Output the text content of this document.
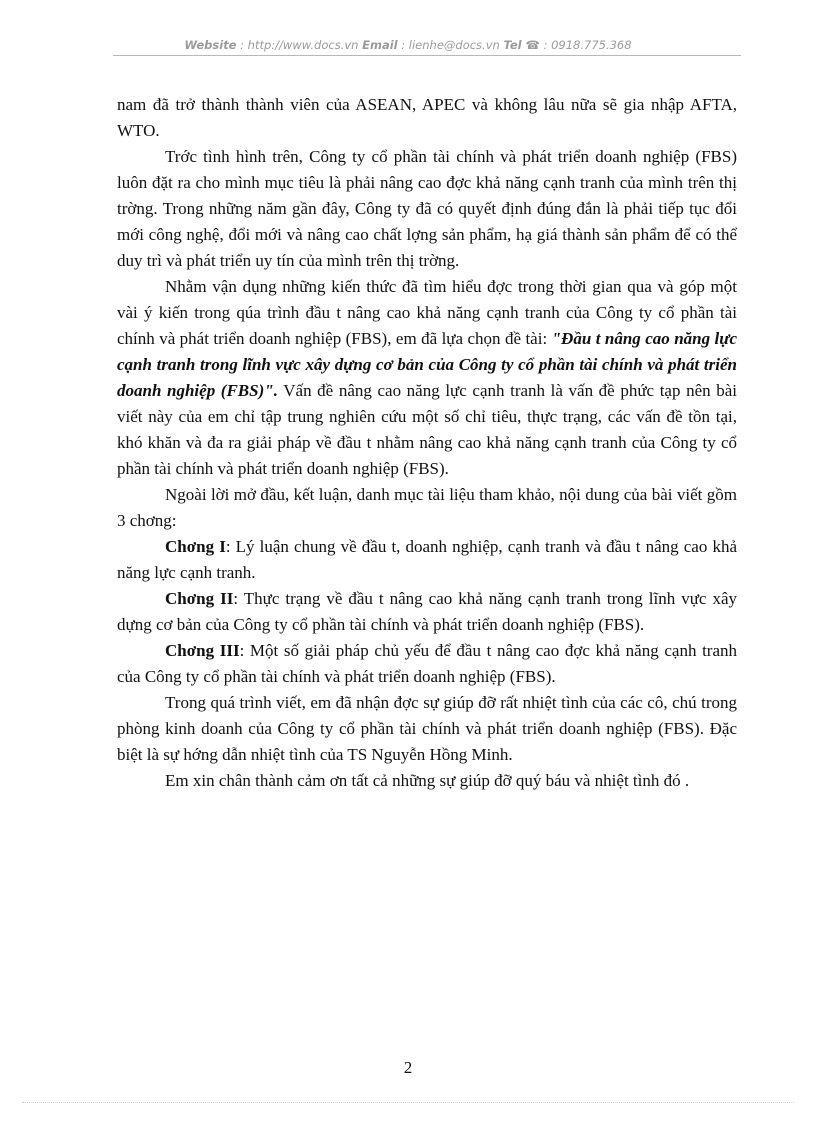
Website : http://www.docs.vn Email : lienhe@docs.vn Tel ☎ : 0918.775.368

nam đã trở thành thành viên của ASEAN, APEC và không lâu nữa sẽ gia nhập AFTA, WTO.

Trớc tình hình trên, Công ty cổ phần tài chính và phát triển doanh nghiệp (FBS) luôn đặt ra cho mình mục tiêu là phải nâng cao đợc khả năng cạnh tranh của mình trên thị trờng. Trong những năm gần đây, Công ty đã có quyết định đúng đắn là phải tiếp tục đổi mới công nghệ, đổi mới và nâng cao chất lợng sản phẩm, hạ giá thành sản phẩm để có thể duy trì và phát triển uy tín của mình trên thị trờng.

Nhằm vận dụng những kiến thức đã tìm hiểu đợc trong thời gian qua và góp một vài ý kiến trong qúa trình đầu t nâng cao khả năng cạnh tranh của Công ty cổ phần tài chính và phát triển doanh nghiệp (FBS), em đã lựa chọn đề tài: "Đầu t nâng cao năng lực cạnh tranh trong lĩnh vực xây dựng cơ bản của Công ty cổ phần tài chính và phát triển doanh nghiệp (FBS)". Vấn đề nâng cao năng lực cạnh tranh là vấn đề phức tạp nên bài viết này của em chỉ tập trung nghiên cứu một số chỉ tiêu, thực trạng, các vấn đề tồn tại, khó khăn và đa ra giải pháp về đầu t nhằm nâng cao khả năng cạnh tranh của Công ty cổ phần tài chính và phát triển doanh nghiệp (FBS).

Ngoài lời mở đầu, kết luận, danh mục tài liệu tham khảo, nội dung của bài viết gồm 3 chơng:

Chơng I: Lý luận chung về đầu t, doanh nghiệp, cạnh tranh và đầu t nâng cao khả năng lực cạnh tranh.

Chơng II: Thực trạng về đầu t nâng cao khả năng cạnh tranh trong lĩnh vực xây dựng cơ bản của Công ty cổ phần tài chính và phát triển doanh nghiệp (FBS).

Chơng III: Một số giải pháp chủ yếu để đầu t nâng cao đợc khả năng cạnh tranh của Công ty cổ phần tài chính và phát triển doanh nghiệp (FBS).

Trong quá trình viết, em đã nhận đợc sự giúp đỡ rất nhiệt tình của các cô, chú trong phòng kinh doanh của Công ty cổ phần tài chính và phát triển doanh nghiệp (FBS). Đặc biệt là sự hớng dẫn nhiệt tình của TS Nguyễn Hồng Minh.

Em xin chân thành cảm ơn tất cả những sự giúp đỡ quý báu và nhiệt tình đó .

2
